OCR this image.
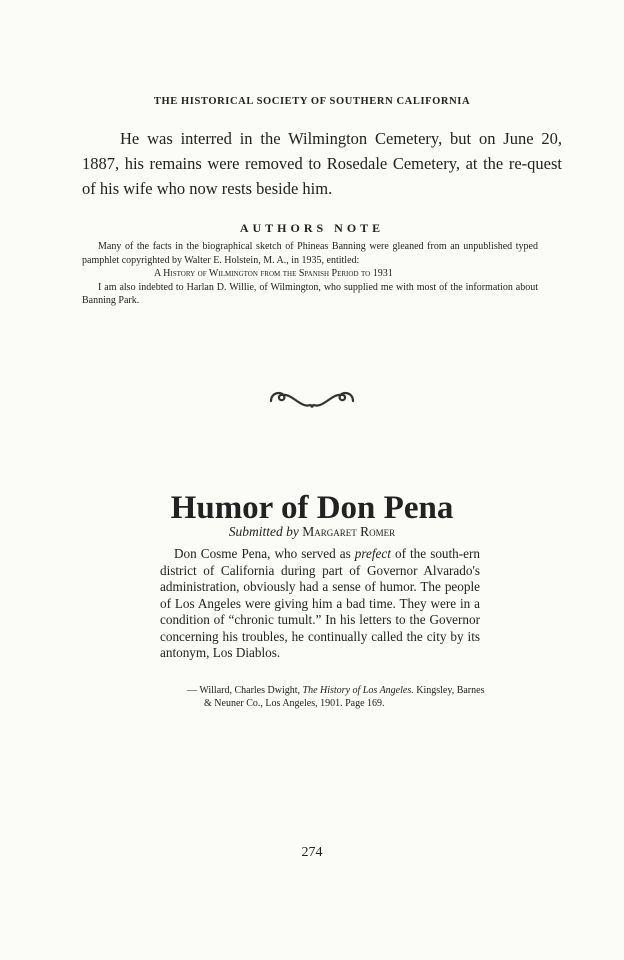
THE HISTORICAL SOCIETY OF SOUTHERN CALIFORNIA

He was interred in the Wilmington Cemetery, but on June 20, 1887, his remains were removed to Rosedale Cemetery, at the re-quest of his wife who now rests beside him.

AUTHORS NOTE

Many of the facts in the biographical sketch of Phineas Banning were gleaned from an unpublished typed pamphlet copyrighted by Walter E. Holstein, M. A., in 1935, entitled:

A History of Wilmington from the Spanish Period to 1931

I am also indebted to Harlan D. Willie, of Wilmington, who supplied me with most of the information about Banning Park.

Humor of Don Pena
Submitted by Margaret Romer

Don Cosme Pena, who served as prefect of the south-ern district of California during part of Governor Alvarado's administration, obviously had a sense of humor. The people of Los Angeles were giving him a bad time. They were in a condition of “chronic tumult.” In his letters to the Governor concerning his troubles, he continually called the city by its antonym, Los Diablos.

— Willard, Charles Dwight, The History of Los Angeles. Kingsley, Barnes & Neuner Co., Los Angeles, 1901. Page 169.

274
